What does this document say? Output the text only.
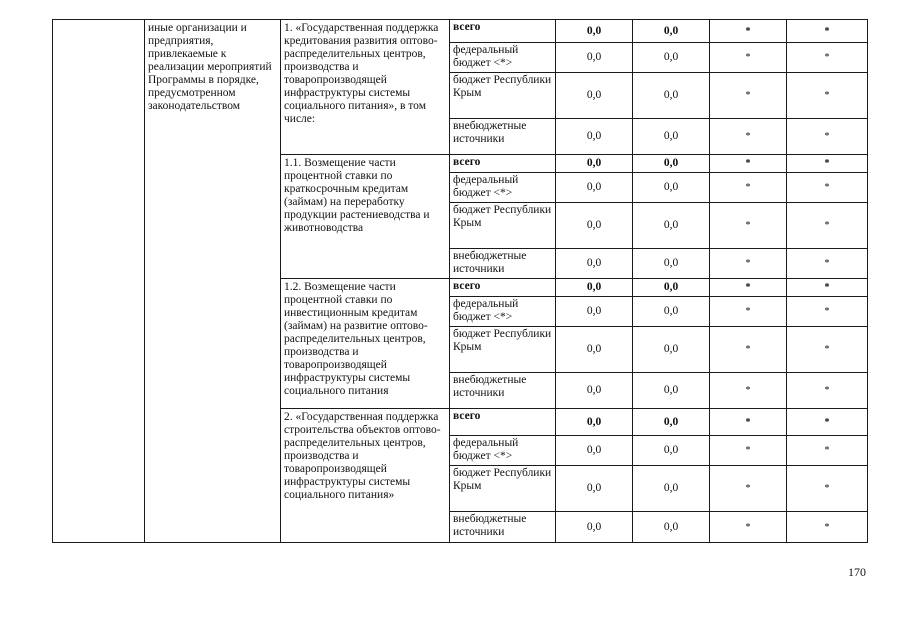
	иные организации и предприятия, привлекаемые к реализации мероприятий Программы в порядке, предусмотренном законодательством	1. «Государственная поддержка кредитования развития оптово-распределительных центров, производства и товаропроизводящей инфраструктуры системы социального питания», в том числе:	всего	0,0	0,0	*	*
			федеральный бюджет <*>	0,0	0,0	*	*
			бюджет Республики Крым	0,0	0,0	*	*
			внебюджетные источники	0,0	0,0	*	*
		1.1. Возмещение части процентной ставки по краткосрочным кредитам (займам) на переработку продукции растениеводства и животноводства	всего	0,0	0,0	*	*
			федеральный бюджет <*>	0,0	0,0	*	*
			бюджет Республики Крым	0,0	0,0	*	*
			внебюджетные источники	0,0	0,0	*	*
		1.2. Возмещение части процентной ставки по инвестиционным кредитам (займам) на развитие оптово-распределительных центров, производства и товаропроизводящей инфраструктуры системы социального питания	всего	0,0	0,0	*	*
			федеральный бюджет <*>	0,0	0,0	*	*
			бюджет Республики Крым	0,0	0,0	*	*
			внебюджетные источники	0,0	0,0	*	*
		2. «Государственная поддержка строительства объектов оптово-распределительных центров, производства и товаропроизводящей инфраструктуры системы социального питания»	всего	0,0	0,0	*	*
			федеральный бюджет <*>	0,0	0,0	*	*
			бюджет Республики Крым	0,0	0,0	*	*
			внебюджетные источники	0,0	0,0	*	*
170
